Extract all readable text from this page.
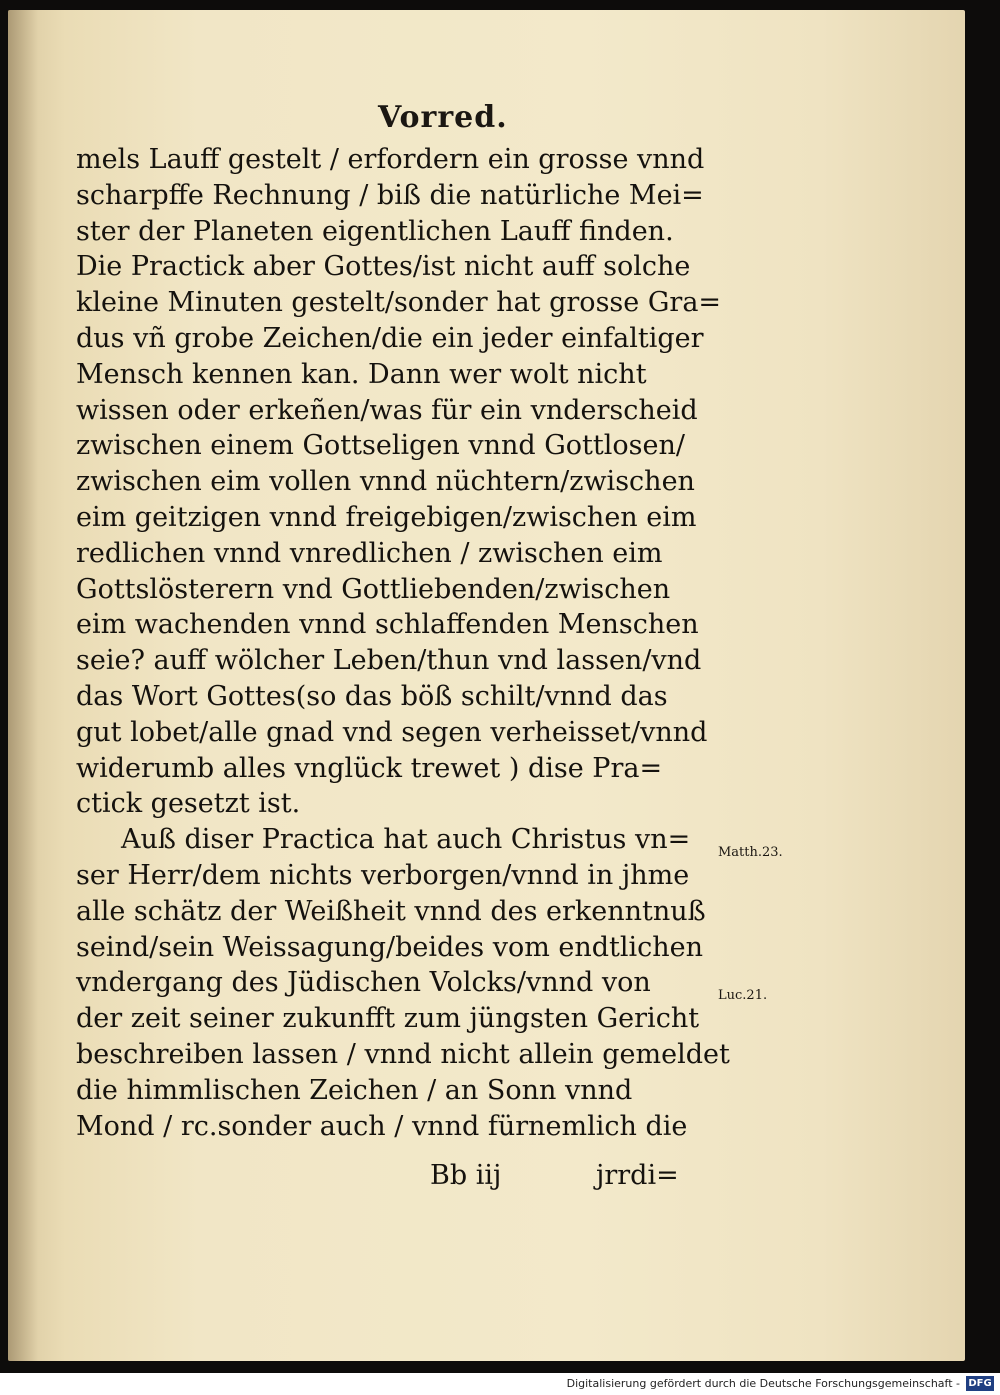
Vorred.
mels Lauff gestelt / erfordern ein grosse vnnd
scharpffe Rechnung / biß die natürliche Mei=
ster der Planeten eigentlichen Lauff finden.
Die Practick aber Gottes/ist nicht auff solche
kleine Minuten gestelt/sonder hat grosse Gra=
dus vñ grobe Zeichen/die ein jeder einfaltiger
Mensch kennen kan. Dann wer wolt nicht
wissen oder erkeñen/was für ein vnderscheid
zwischen einem Gottseligen vnnd Gottlosen/
zwischen eim vollen vnnd nüchtern/zwischen
eim geitzigen vnnd freigebigen/zwischen eim
redlichen vnnd vnredlichen / zwischen eim
Gottslösterern vnd Gottliebenden/zwischen
eim wachenden vnnd schlaffenden Menschen
seie? auff wölcher Leben/thun vnd lassen/vnd
das Wort Gottes(so das böß schilt/vnnd das
gut lobet/alle gnad vnd segen verheisset/vnnd
widerumb alles vnglück trewet ) dise Pra=
ctick gesetzt ist.
Auß diser Practica hat auch Christus vn=
ser Herr/dem nichts verborgen/vnnd in jhme
alle schätz der Weißheit vnnd des erkenntnuß
seind/sein Weissagung/beides vom endtlichen
vndergang des Jüdischen Volcks/vnnd von
der zeit seiner zukunfft zum jüngsten Gericht
beschreiben lassen / vnnd nicht allein gemeldet
die himmlischen Zeichen / an Sonn vnnd
Mond / rc.sonder auch / vnnd fürnemlich die
Matth.23.
Luc.21.
Bb iij	jrrdi=
Digitalisierung gefördert durch die Deutsche Forschungsgemeinschaft - DFG
